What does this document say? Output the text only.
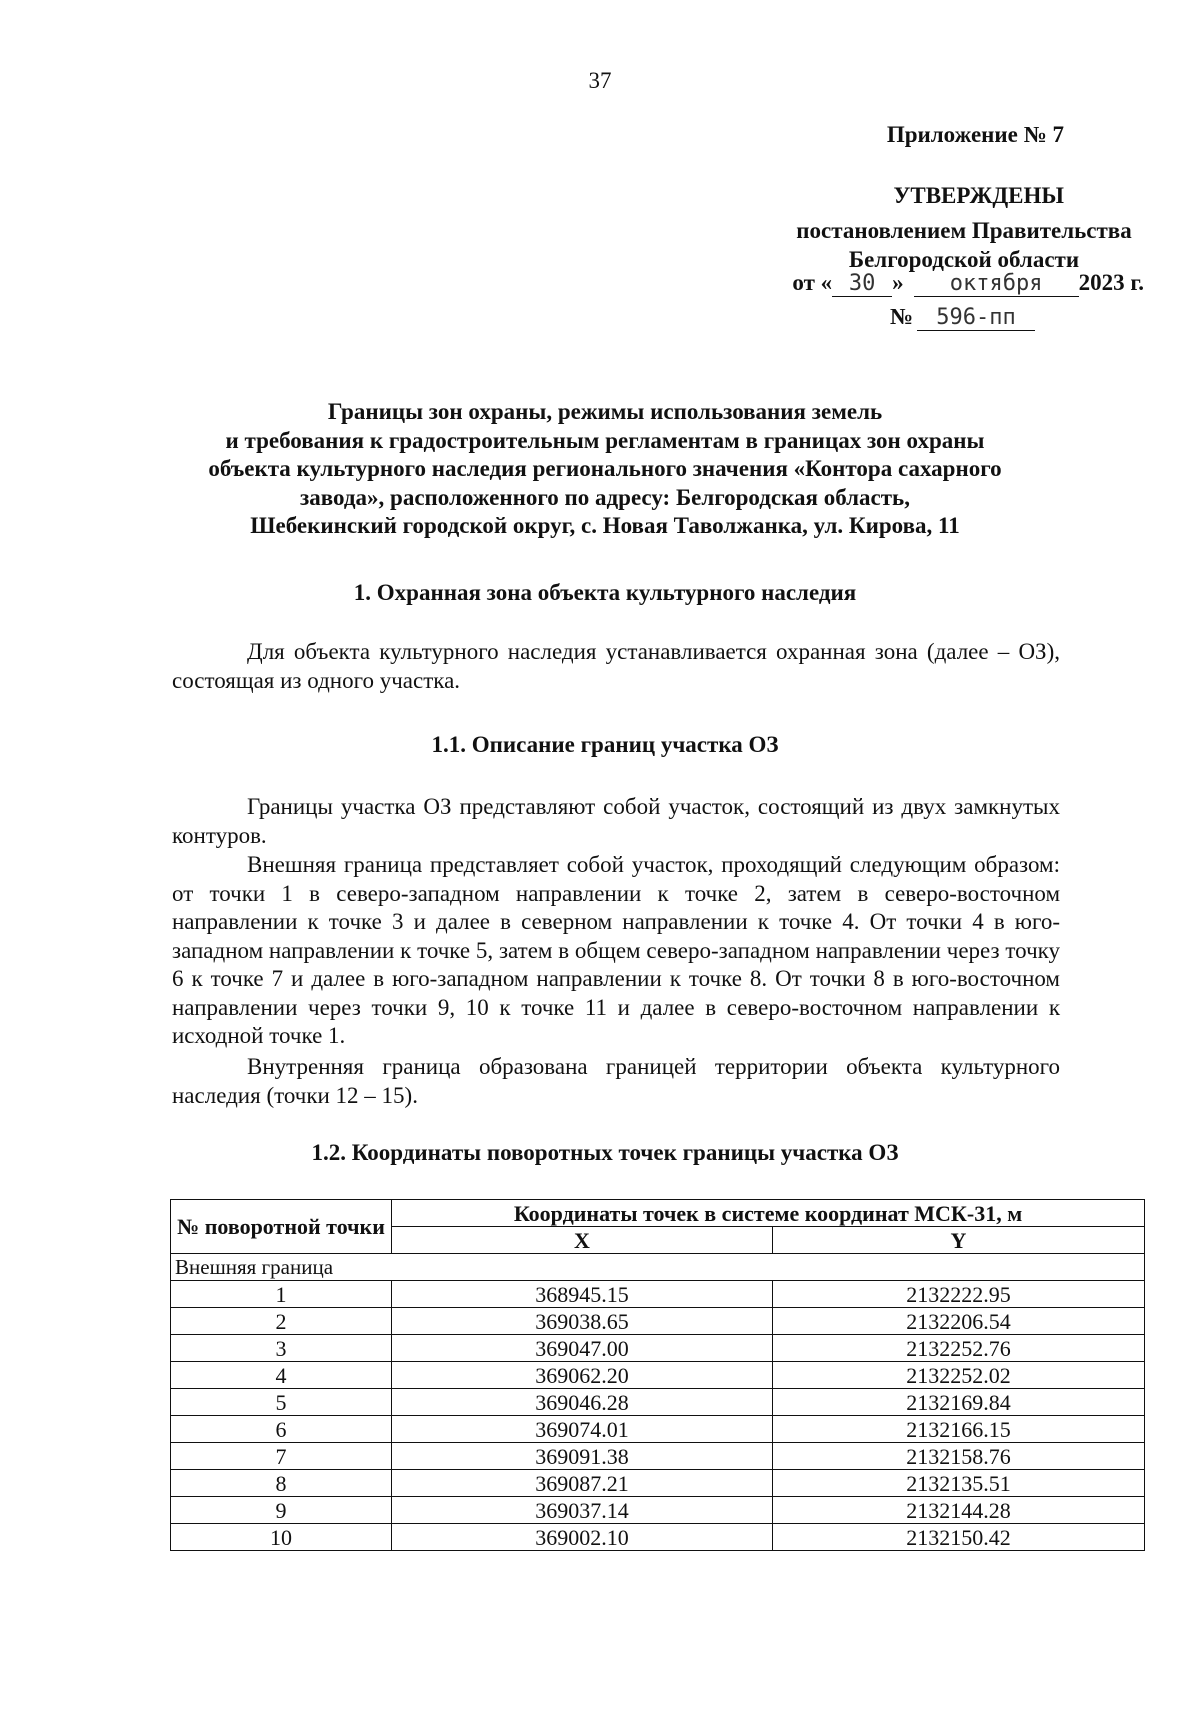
37
Приложение № 7
УТВЕРЖДЕНЫ
постановлением Правительства
Белгородской области
от « 30 » октября 2023 г.
№ 596-пп
Границы зон охраны, режимы использования земель
и требования к градостроительным регламентам в границах зон охраны
объекта культурного наследия регионального значения «Контора сахарного
завода», расположенного по адресу: Белгородская область,
Шебекинский городской округ, с. Новая Таволжанка, ул. Кирова, 11
1. Охранная зона объекта культурного наследия
Для объекта культурного наследия устанавливается охранная зона (далее – ОЗ), состоящая из одного участка.
1.1. Описание границ участка ОЗ
Границы участка ОЗ представляют собой участок, состоящий из двух замкнутых контуров.
Внешняя граница представляет собой участок, проходящий следующим образом: от точки 1 в северо-западном направлении к точке 2, затем в северо-восточном направлении к точке 3 и далее в северном направлении к точке 4. От точки 4 в юго-западном направлении к точке 5, затем в общем северо-западном направлении через точку 6 к точке 7 и далее в юго-западном направлении к точке 8. От точки 8 в юго-восточном направлении через точки 9, 10 к точке 11 и далее в северо-восточном направлении к исходной точке 1.
Внутренняя граница образована границей территории объекта культурного наследия (точки 12 – 15).
1.2. Координаты поворотных точек границы участка ОЗ
№ поворотной точки	Координаты точек в системе координат МСК-31, м	
	X	Y
Внешняя граница		
1	368945.15	2132222.95
2	369038.65	2132206.54
3	369047.00	2132252.76
4	369062.20	2132252.02
5	369046.28	2132169.84
6	369074.01	2132166.15
7	369091.38	2132158.76
8	369087.21	2132135.51
9	369037.14	2132144.28
10	369002.10	2132150.42
